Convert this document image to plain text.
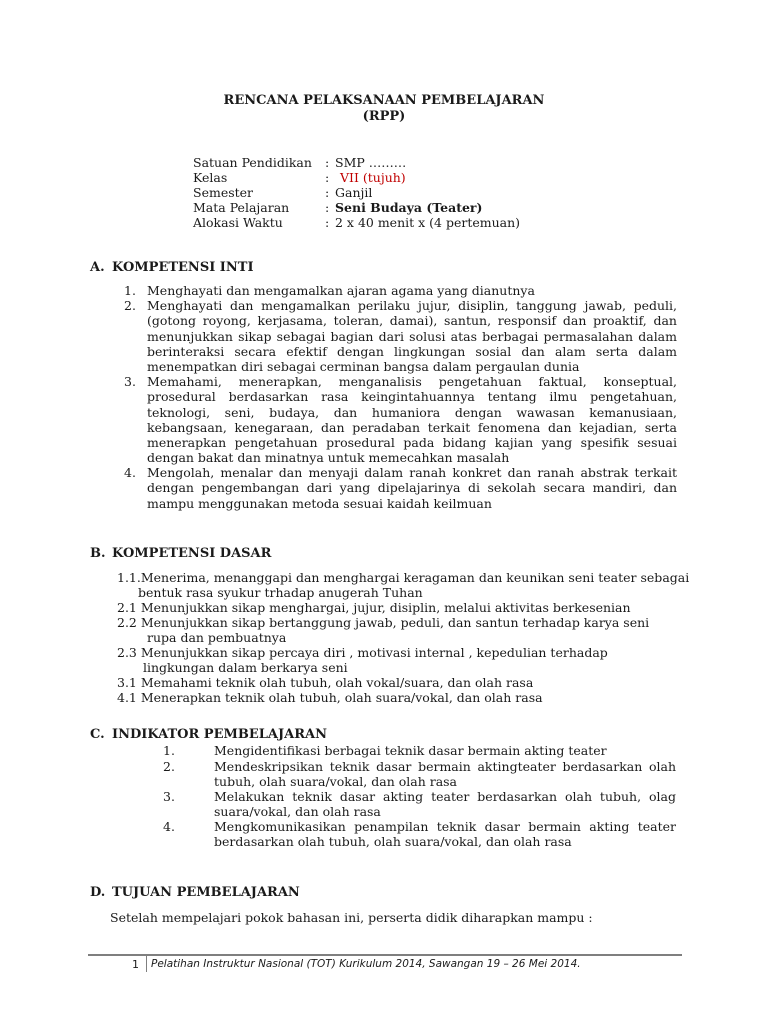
RENCANA PELAKSANAAN PEMBELAJARAN
(RPP)
Satuan Pendidikan : SMP ………
Kelas	: VII (tujuh)
Semester	: Ganjil
Mata Pelajaran	: Seni Budaya (Teater)
Alokasi Waktu	: 2 x 40 menit x (4 pertemuan)
A. KOMPETENSI INTI
1. Menghayati dan mengamalkan ajaran agama yang dianutnya
2. Menghayati dan mengamalkan perilaku jujur, disiplin, tanggung jawab, peduli, (gotong royong, kerjasama, toleran, damai), santun, responsif dan proaktif, dan menunjukkan sikap sebagai bagian dari solusi atas berbagai permasalahan dalam berinteraksi secara efektif dengan lingkungan sosial dan alam serta dalam menempatkan diri sebagai cerminan bangsa dalam pergaulan dunia
3. Memahami, menerapkan, menganalisis pengetahuan faktual, konseptual, prosedural berdasarkan rasa keingintahuannya tentang ilmu pengetahuan, teknologi, seni, budaya, dan humaniora dengan wawasan kemanusiaan, kebangsaan, kenegaraan, dan peradaban terkait fenomena dan kejadian, serta menerapkan pengetahuan prosedural pada bidang kajian yang spesifik sesuai dengan bakat dan minatnya untuk memecahkan masalah
4. Mengolah, menalar dan menyaji dalam ranah konkret dan ranah abstrak terkait dengan pengembangan dari yang dipelajarinya di sekolah secara mandiri, dan mampu menggunakan metoda sesuai kaidah keilmuan
B. KOMPETENSI DASAR
1.1.Menerima, menanggapi dan menghargai keragaman dan keunikan seni teater sebagai
bentuk rasa syukur trhadap anugerah Tuhan
2.1 Menunjukkan sikap menghargai, jujur, disiplin, melalui aktivitas berkesenian
2.2 Menunjukkan sikap bertanggung jawab, peduli, dan santun terhadap karya seni
rupa dan pembuatnya
2.3 Menunjukkan sikap percaya diri , motivasi internal , kepedulian terhadap
lingkungan dalam berkarya seni
3.1 Memahami teknik olah tubuh, olah vokal/suara, dan olah rasa
4.1 Menerapkan teknik olah tubuh, olah suara/vokal, dan olah rasa
C. INDIKATOR PEMBELAJARAN
1.	Mengidentifikasi berbagai teknik dasar bermain akting teater
2.	Mendeskripsikan teknik dasar bermain aktingteater berdasarkan olah tubuh, olah suara/vokal, dan olah rasa
3.	Melakukan teknik dasar akting teater berdasarkan olah tubuh, olag suara/vokal, dan olah rasa
4.	Mengkomunikasikan penampilan teknik dasar bermain akting teater berdasarkan olah tubuh, olah suara/vokal, dan olah rasa
D. TUJUAN PEMBELAJARAN
Setelah mempelajari pokok bahasan ini, perserta didik diharapkan mampu :
1 Pelatihan Instruktur Nasional (TOT) Kurikulum 2014, Sawangan 19 – 26 Mei 2014.
